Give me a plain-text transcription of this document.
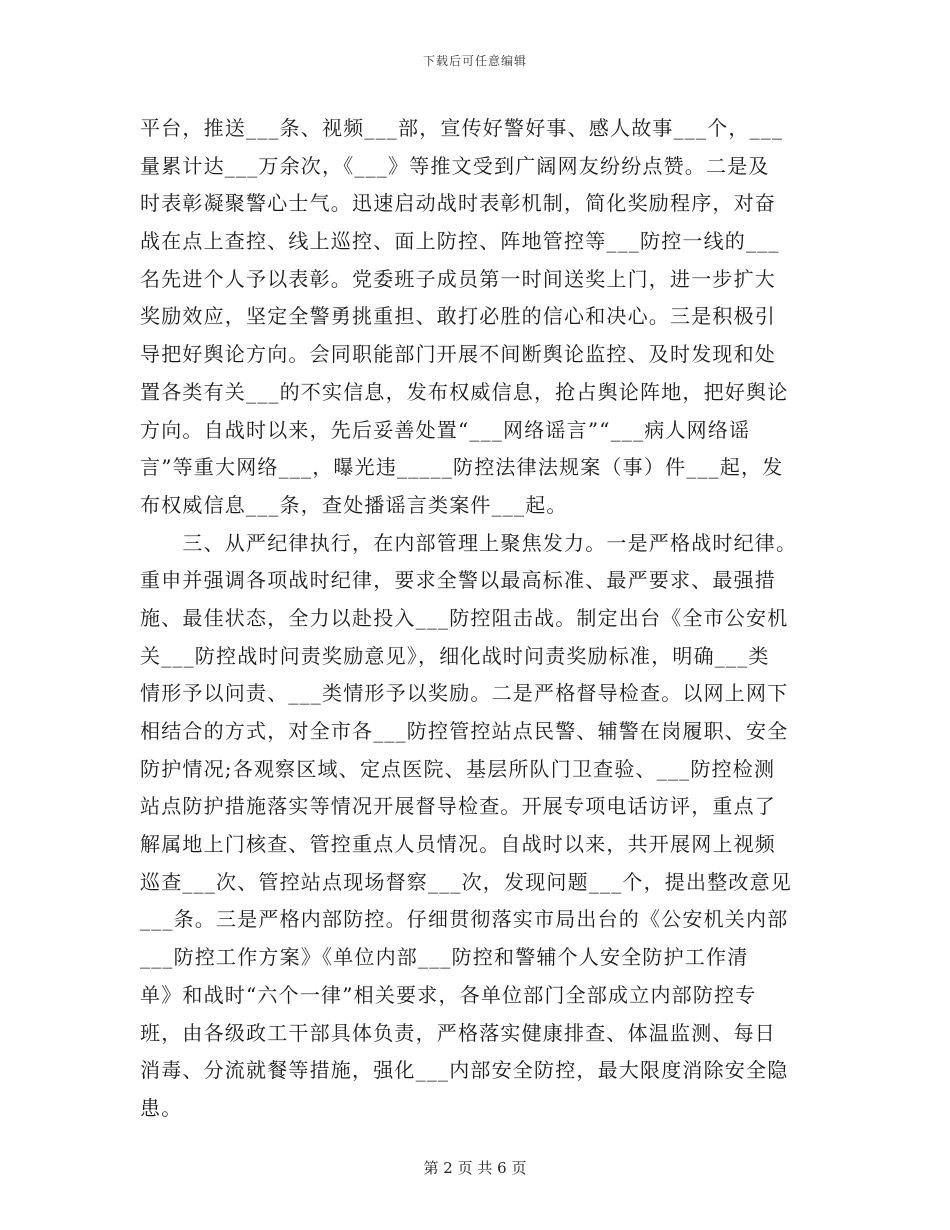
下载后可任意编辑
平台，推送___条、视频___部，宣传好警好事、感人故事___个，___
量累计达___万余次，《___》等推文受到广阔网友纷纷点赞。二是及
时表彰凝聚警心士气。迅速启动战时表彰机制，简化奖励程序，对奋
战在点上查控、线上巡控、面上防控、阵地管控等___防控一线的___
名先进个人予以表彰。党委班子成员第一时间送奖上门，进一步扩大
奖励效应，坚定全警勇挑重担、敢打必胜的信心和决心。三是积极引
导把好舆论方向。会同职能部门开展不间断舆论监控、及时发现和处
置各类有关___的不实信息，发布权威信息，抢占舆论阵地，把好舆论
方向。自战时以来，先后妥善处置“___网络谣言”“___病人网络谣
言”等重大网络___，曝光违_____防控法律法规案（事）件___起，发
布权威信息___条，查处播谣言类案件___起。
　　三、从严纪律执行，在内部管理上聚焦发力。一是严格战时纪律。
重申并强调各项战时纪律，要求全警以最高标准、最严要求、最强措
施、最佳状态，全力以赴投入___防控阻击战。制定出台《全市公安机
关___防控战时问责奖励意见》，细化战时问责奖励标准，明确___类
情形予以问责、___类情形予以奖励。二是严格督导检查。以网上网下
相结合的方式，对全市各___防控管控站点民警、辅警在岗履职、安全
防护情况;各观察区域、定点医院、基层所队门卫查验、___防控检测
站点防护措施落实等情况开展督导检查。开展专项电话访评，重点了
解属地上门核查、管控重点人员情况。自战时以来，共开展网上视频
巡查___次、管控站点现场督察___次，发现问题___个，提出整改意见
___条。三是严格内部防控。仔细贯彻落实市局出台的《公安机关内部
___防控工作方案》《单位内部___防控和警辅个人安全防护工作清
单》和战时“六个一律”相关要求，各单位部门全部成立内部防控专
班，由各级政工干部具体负责，严格落实健康排查、体温监测、每日
消毒、分流就餐等措施，强化___内部安全防控，最大限度消除安全隐
患。
第 2 页 共 6 页
